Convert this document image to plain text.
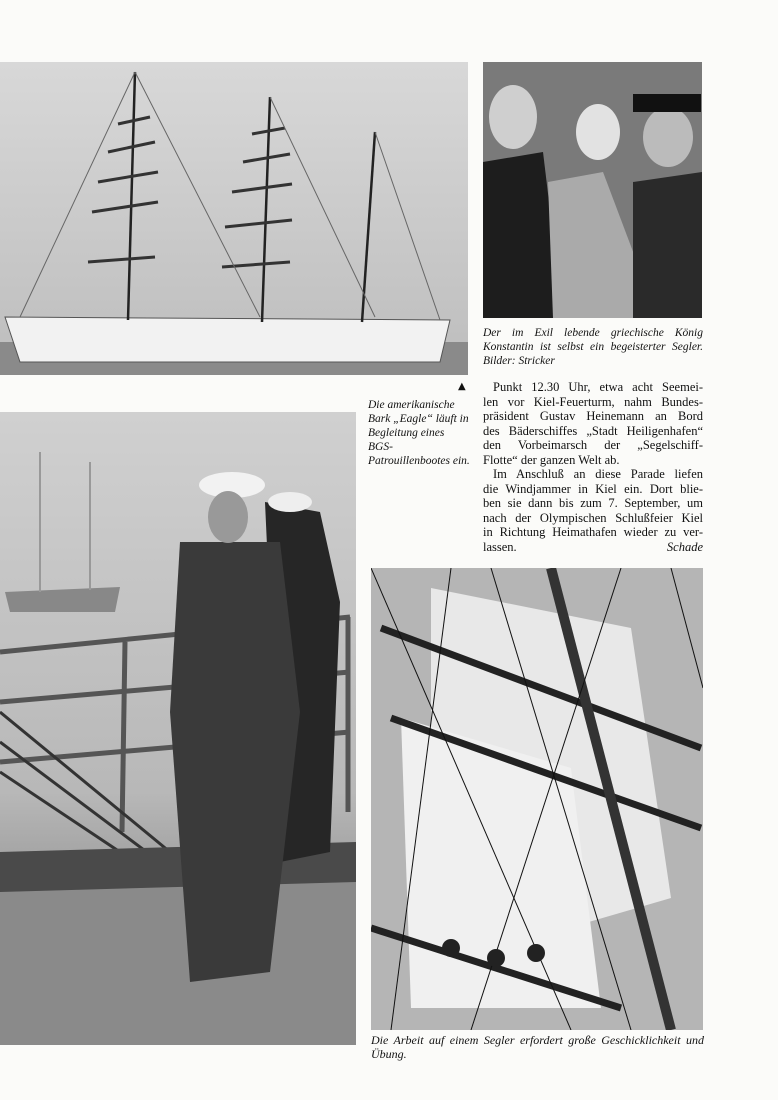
Der im Exil lebende griechische König Konstantin ist selbst ein begeisterter Segler. Bilder: Stricker
▲
Die amerikanische Bark „Eagle“ läuft in Begleitung eines BGS-Patrouillenbootes ein.
Punkt 12.30 Uhr, etwa acht Seemei-
len vor Kiel-Feuerturm, nahm Bundes-
präsident Gustav Heinemann an Bord
des Bäderschiffes „Stadt Heiligenhafen“
den Vorbeimarsch der „Segelschiff-
Flotte“ der ganzen Welt ab.
Im Anschluß an diese Parade liefen
die Windjammer in Kiel ein. Dort blie-
ben sie dann bis zum 7. September, um
nach der Olympischen Schlußfeier Kiel
in Richtung Heimathafen wieder zu ver-
lassen.	Schade
Die Arbeit auf einem Segler erfordert große Geschicklichkeit und Übung.
